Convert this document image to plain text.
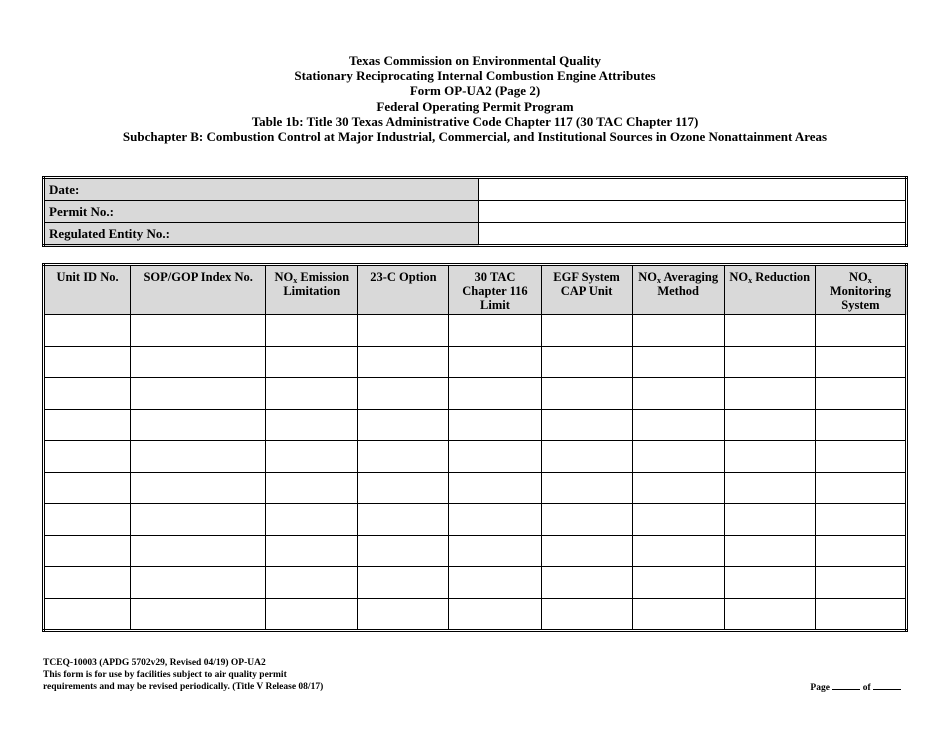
Texas Commission on Environmental Quality
Stationary Reciprocating Internal Combustion Engine Attributes
Form OP-UA2 (Page 2)
Federal Operating Permit Program
Table 1b: Title 30 Texas Administrative Code Chapter 117 (30 TAC Chapter 117)
Subchapter B: Combustion Control at Major Industrial, Commercial, and Institutional Sources in Ozone Nonattainment Areas
Date:	
Permit No.:	
Regulated Entity No.:	
Unit ID No.	SOP/GOP Index No.	$NO_x$ Emission Limitation	23-C Option	30 TAC Chapter 116 Limit	EGF System CAP Unit	$NO_x$ Averaging Method	$NO_x$ Reduction	$NO_x$
Monitoring System

TCEQ-10003 (APDG 5702v29, Revised 04/19) OP-UA2
This form is for use by facilities subject to air quality permit
requirements and may be revised periodically. (Title V Release 08/17)	Page	of
